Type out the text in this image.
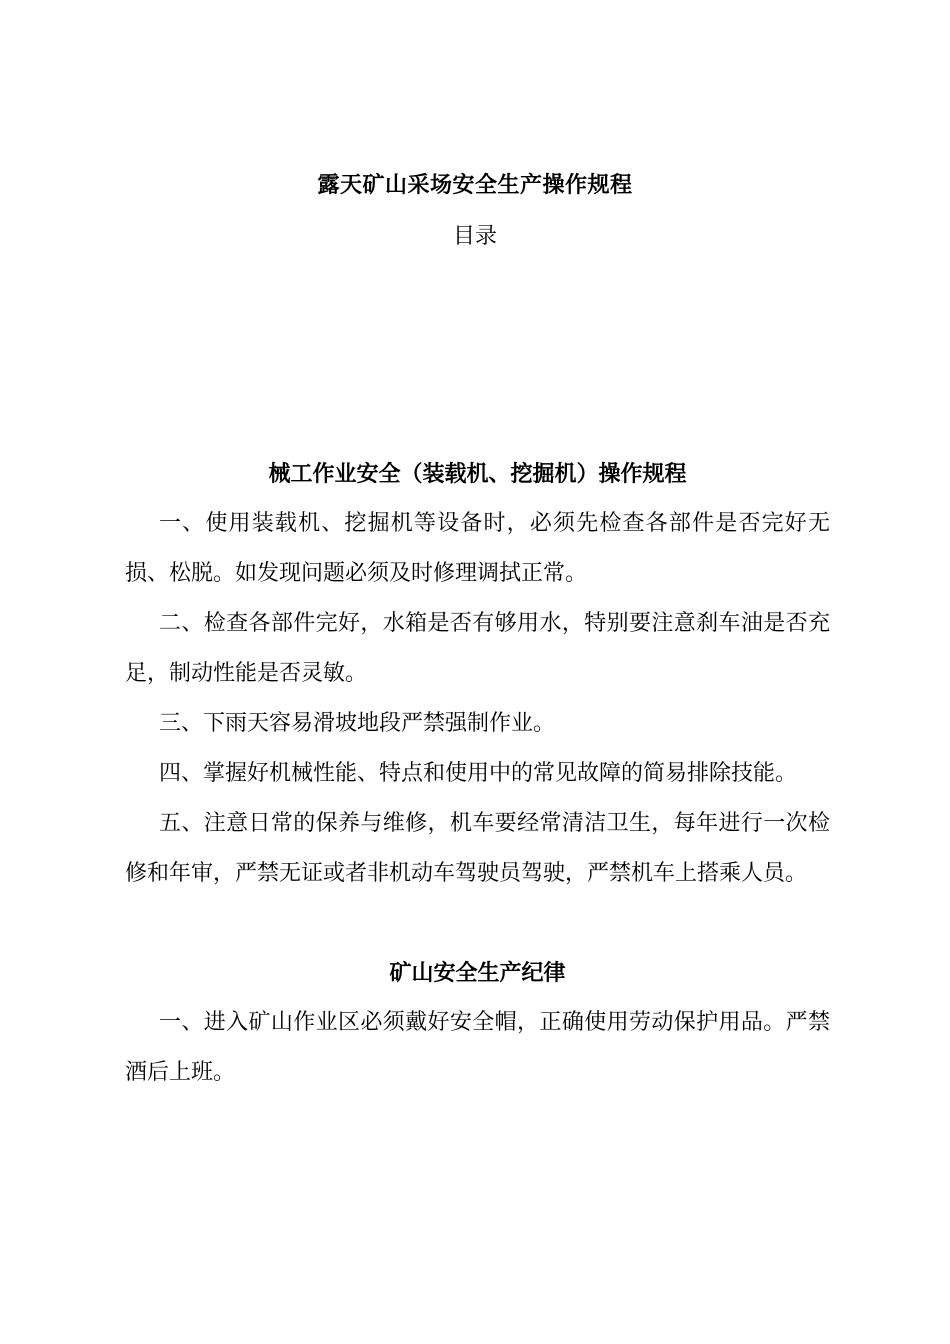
露天矿山采场安全生产操作规程
目录

械工作业安全（装载机、挖掘机）操作规程

一、使用装载机、挖掘机等设备时，必须先检查各部件是否完好无损、松脱。如发现问题必须及时修理调拭正常。

二、检查各部件完好，水箱是否有够用水，特别要注意刹车油是否充足，制动性能是否灵敏。

三、下雨天容易滑坡地段严禁强制作业。

四、掌握好机械性能、特点和使用中的常见故障的简易排除技能。

五、注意日常的保养与维修，机车要经常清洁卫生，每年进行一次检修和年审，严禁无证或者非机动车驾驶员驾驶，严禁机车上搭乘人员。

矿山安全生产纪律

一、进入矿山作业区必须戴好安全帽，正确使用劳动保护用品。严禁酒后上班。
